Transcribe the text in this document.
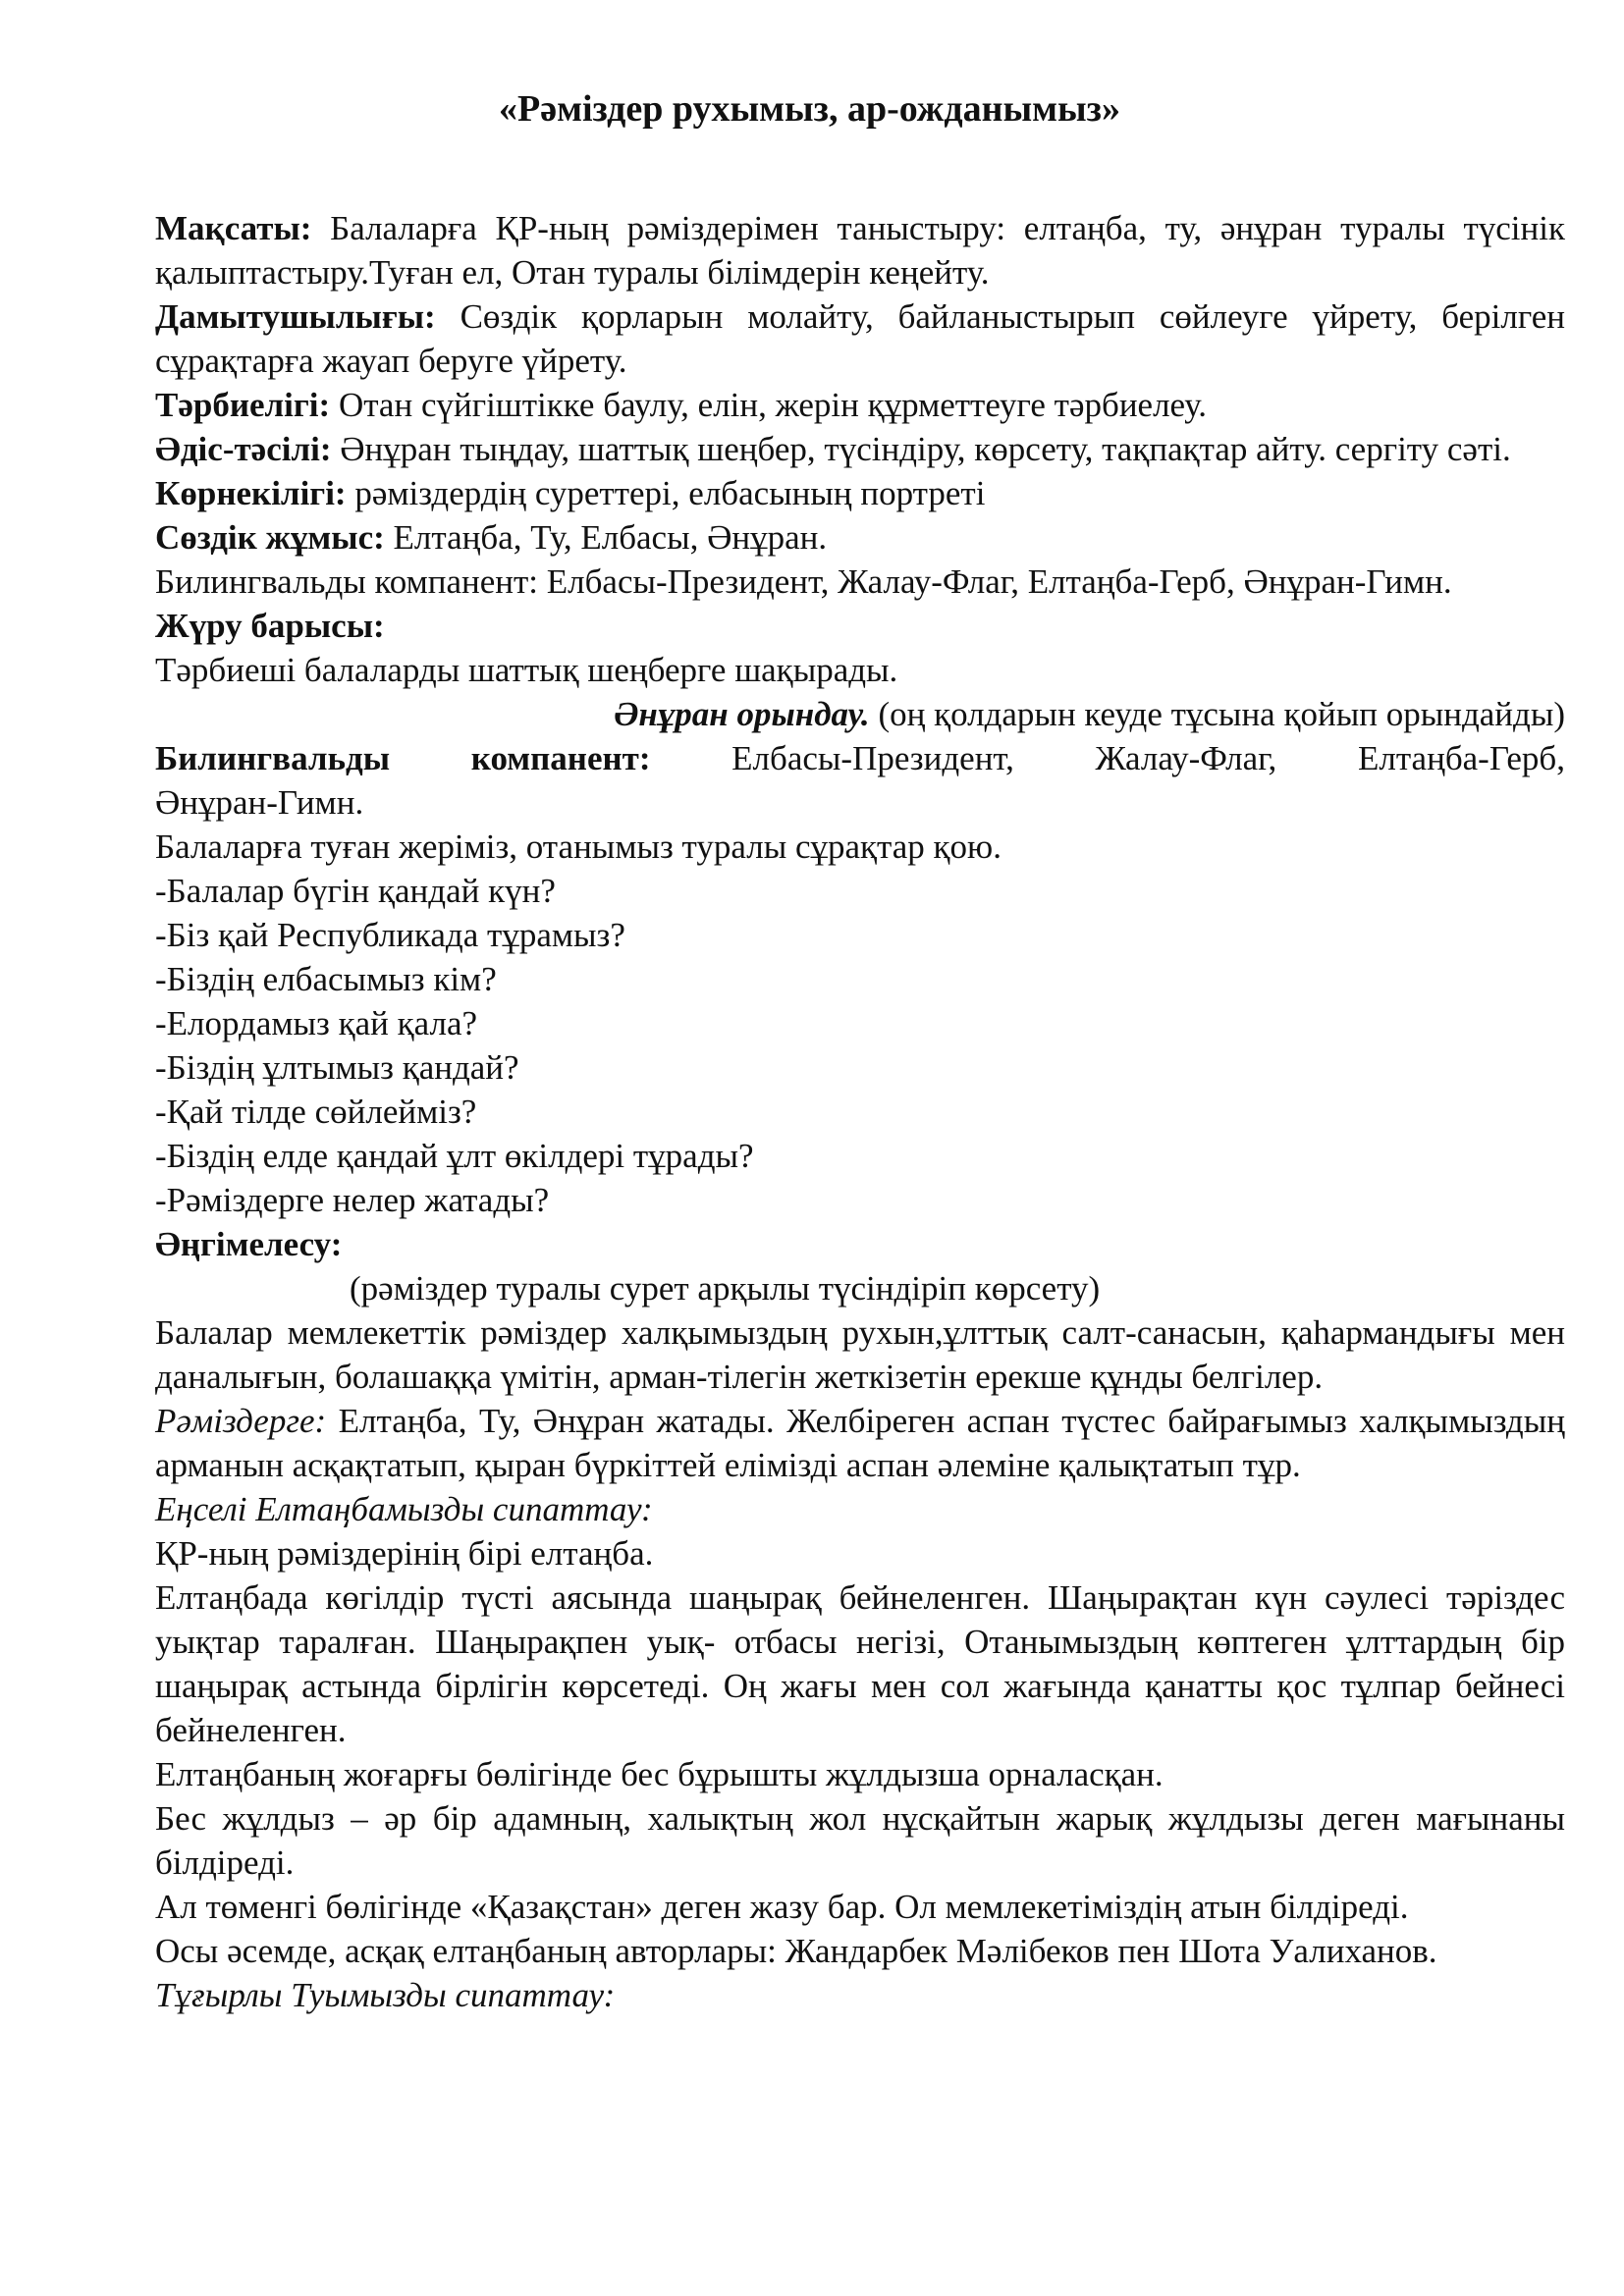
«Рәміздер рухымыз, ар-ожданымыз»

Мақсаты: Балаларға ҚР-ның рәміздерімен таныстыру: елтаңба, ту, әнұран туралы түсінік қалыптастыру.Туған ел, Отан туралы білімдерін кеңейту.

Дамытушылығы: Сөздік қорларын молайту, байланыстырып сөйлеуге үйрету, берілген сұрақтарға жауап беруге үйрету.

Тәрбиелігі: Отан сүйгіштікке баулу, елін, жерін құрметтеуге тәрбиелеу.

Әдіс-тәсілі: Әнұран тыңдау, шаттық шеңбер, түсіндіру, көрсету, тақпақтар айту. сергіту сәті.

Көрнекілігі: рәміздердің суреттері, елбасының портреті

Сөздік жұмыс: Елтаңба, Ту, Елбасы, Әнұран.

Билингвальды компанент: Елбасы-Президент, Жалау-Флаг, Елтаңба-Герб, Әнұран-Гимн.

Жүру барысы:

Тәрбиеші балаларды шаттық шеңберге шақырады.

Әнұран орындау. (оң қолдарын кеуде тұсына қойып орындайды)

Билингвальды компанент: Елбасы-Президент, Жалау-Флаг, Елтаңба-Герб,

Әнұран-Гимн.

Балаларға туған жеріміз, отанымыз туралы сұрақтар қою.

-Балалар бүгін қандай күн?

-Біз қай Республикада тұрамыз?

-Біздің елбасымыз кім?

-Елордамыз қай қала?

-Біздің ұлтымыз қандай?

-Қай тілде сөйлейміз?

-Біздің елде қандай ұлт өкілдері тұрады?

-Рәміздерге нелер жатады?

Әңгімелесу:

(рәміздер туралы сурет арқылы түсіндіріп көрсету)

Балалар мемлекеттік рәміздер халқымыздың рухын,ұлттық салт-санасын, қаһармандығы мен даналығын, болашаққа үмітін, арман-тілегін жеткізетін ерекше құнды белгілер.

Рәміздерге: Елтаңба, Ту, Әнұран жатады. Желбіреген аспан түстес байрағымыз халқымыздың арманын асқақтатып, қыран бүркіттей елімізді аспан әлеміне қалықтатып тұр.

Еңселі Елтаңбамызды сипаттау:

ҚР-ның рәміздерінің бірі елтаңба.

Елтаңбада көгілдір түсті аясында шаңырақ бейнеленген. Шаңырақтан күн сәулесі тәріздес уықтар таралған. Шаңырақпен уық- отбасы негізі, Отанымыздың көптеген ұлттардың бір шаңырақ астында бірлігін көрсетеді. Оң жағы мен сол жағында қанатты қос тұлпар бейнесі бейнеленген.

Елтаңбаның жоғарғы бөлігінде бес бұрышты жұлдызша орналасқан.

Бес жұлдыз – әр бір адамның, халықтың жол нұсқайтын жарық жұлдызы деген мағынаны білдіреді.

Ал төменгі бөлігінде «Қазақстан» деген жазу бар. Ол мемлекетіміздің атын білдіреді.

Осы әсемде, асқақ елтаңбаның авторлары: Жандарбек Мәлібеков пен Шота Уалиханов.

Тұғырлы Туымызды сипаттау:
